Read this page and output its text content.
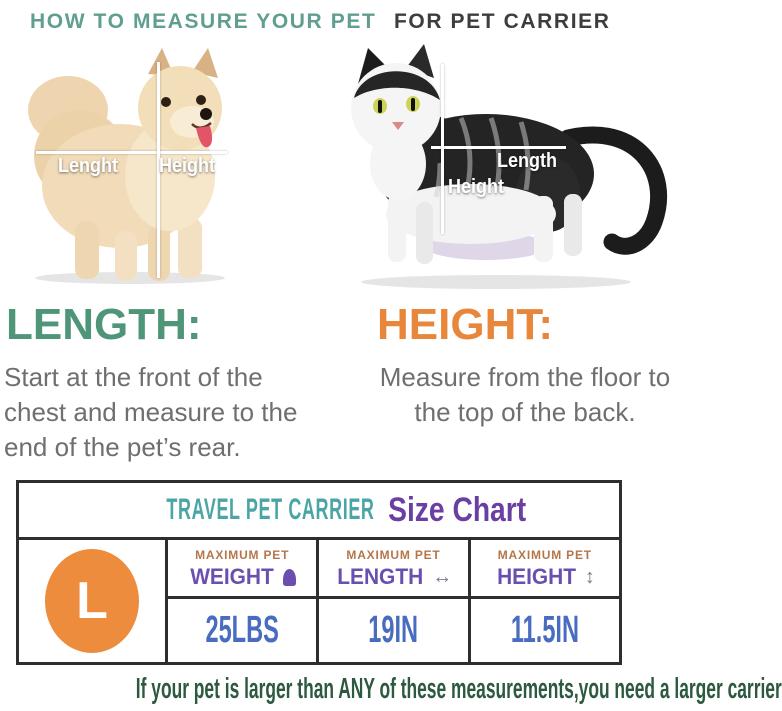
HOW TO MEASURE YOUR PET FOR PET CARRIER
Lenght	Height	Length
Height
LENGTH:
Start at the front of the chest and measure to the end of the pet’s rear.
HEIGHT:
Measure from the floor to the top of the back.
TRAVEL PET CARRIER Size Chart
L
MAXIMUM PET
WEIGHT
25LBS
MAXIMUM PET
LENGTH ↔
19IN
MAXIMUM PET
HEIGHT ↕
11.5IN
If your pet is larger than ANY of these measurements,you need a larger carrier
